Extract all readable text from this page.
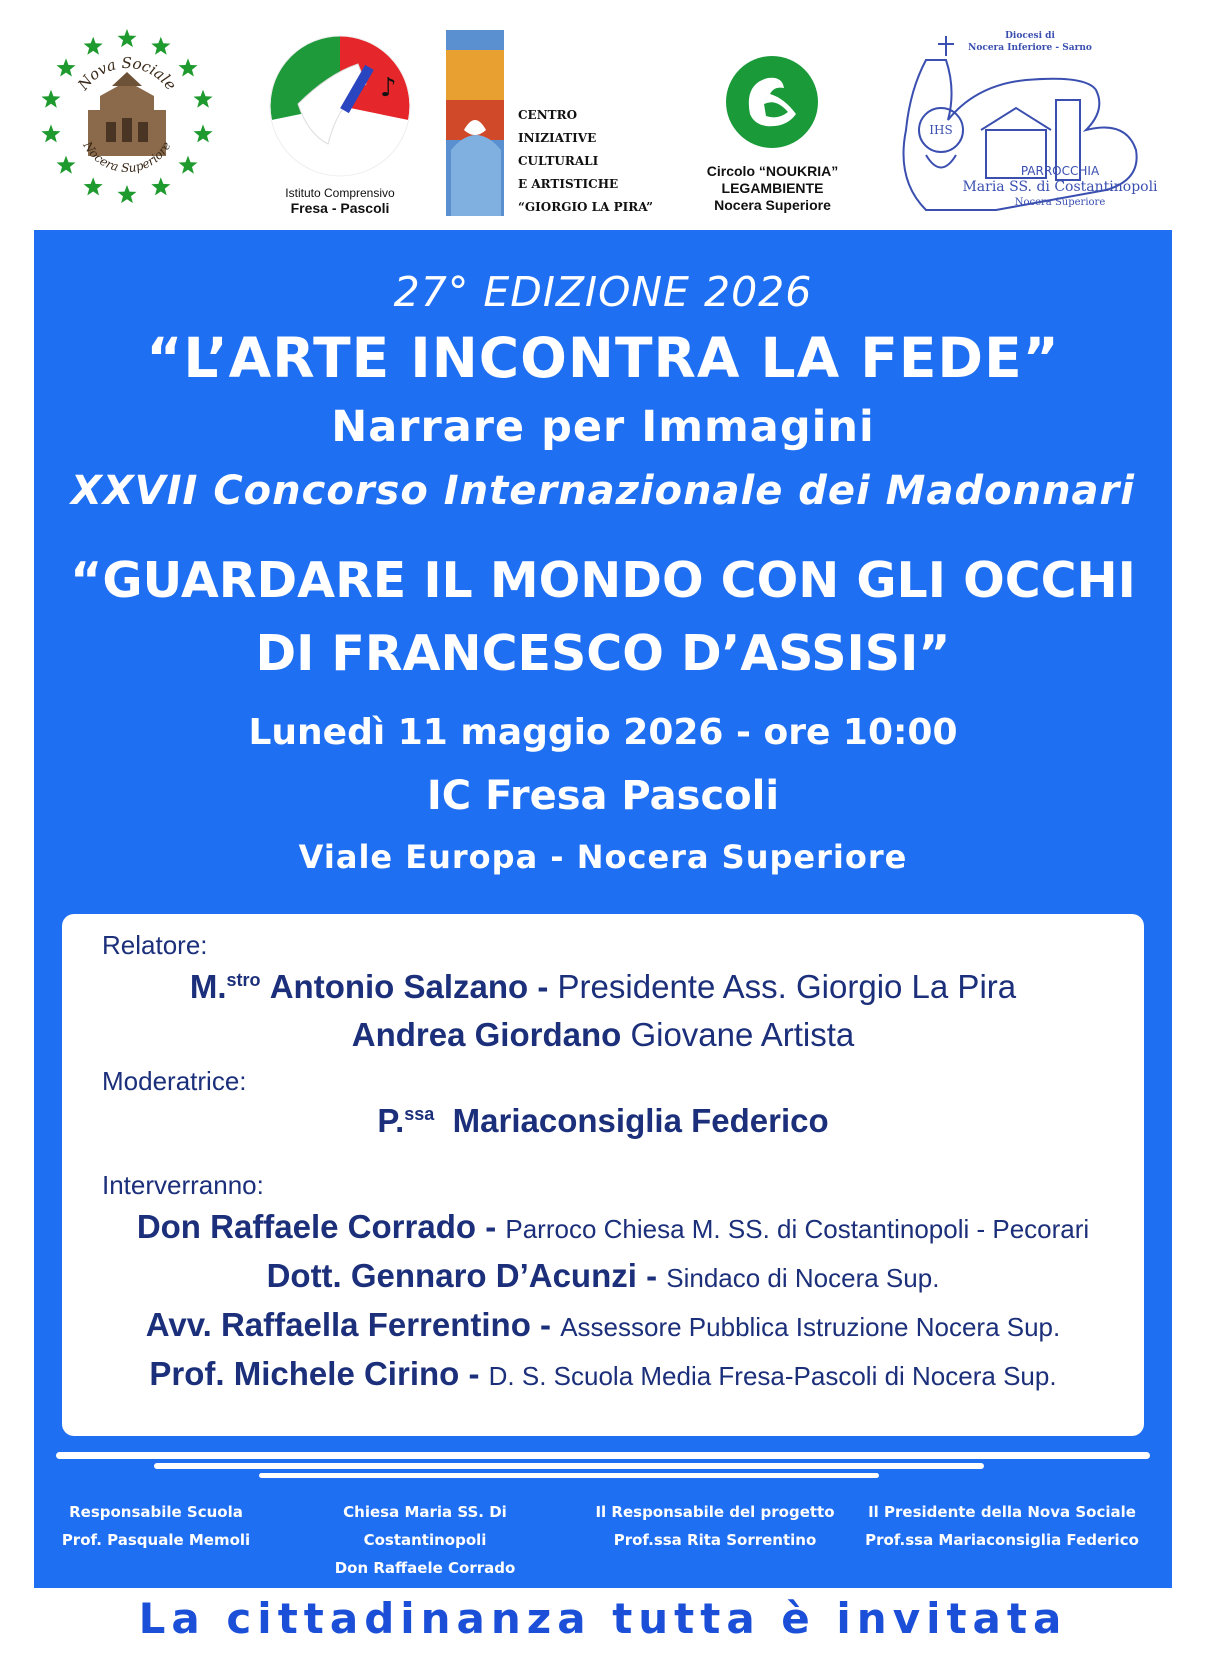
Nova Sociale
Nocera Superiore
♪
Istituto Comprensivo
Fresa - Pascoli
CENTRO
INIZIATIVE
CULTURALI
E ARTISTICHE
“GIORGIO LA PIRA”
Circolo “NOUKRIA”
LEGAMBIENTE
Nocera Superiore
IHS
Diocesi di
Nocera Inferiore - Sarno
PARROCCHIA
Maria SS. di Costantinopoli
Nocera Superiore
27° EDIZIONE 2026
“L’ARTE INCONTRA LA FEDE”
Narrare per Immagini
XXVII Concorso Internazionale dei Madonnari
“GUARDARE IL MONDO CON GLI OCCHI
DI FRANCESCO D’ASSISI”
Lunedì 11 maggio 2026 - ore 10:00
IC Fresa Pascoli
Viale Europa - Nocera Superiore
Relatore:
M.$^{stro}$ Antonio Salzano - Presidente Ass. Giorgio La Pira
Andrea Giordano Giovane Artista
Moderatrice:
P.$^{ssa}$ Mariaconsiglia Federico
Interverranno:
Don Raffaele Corrado - Parroco Chiesa M. SS. di Costantinopoli - Pecorari
Dott. Gennaro D’Acunzi - Sindaco di Nocera Sup.
Avv. Raffaella Ferrentino - Assessore Pubblica Istruzione Nocera Sup.
Prof. Michele Cirino - D. S. Scuola Media Fresa-Pascoli di Nocera Sup.
Responsabile Scuola
Prof. Pasquale Memoli
Chiesa Maria SS. Di Costantinopoli
Don Raffaele Corrado
Il Responsabile del progetto
Prof.ssa Rita Sorrentino
Il Presidente della Nova Sociale
Prof.ssa Mariaconsiglia Federico
La cittadinanza tutta è invitata
